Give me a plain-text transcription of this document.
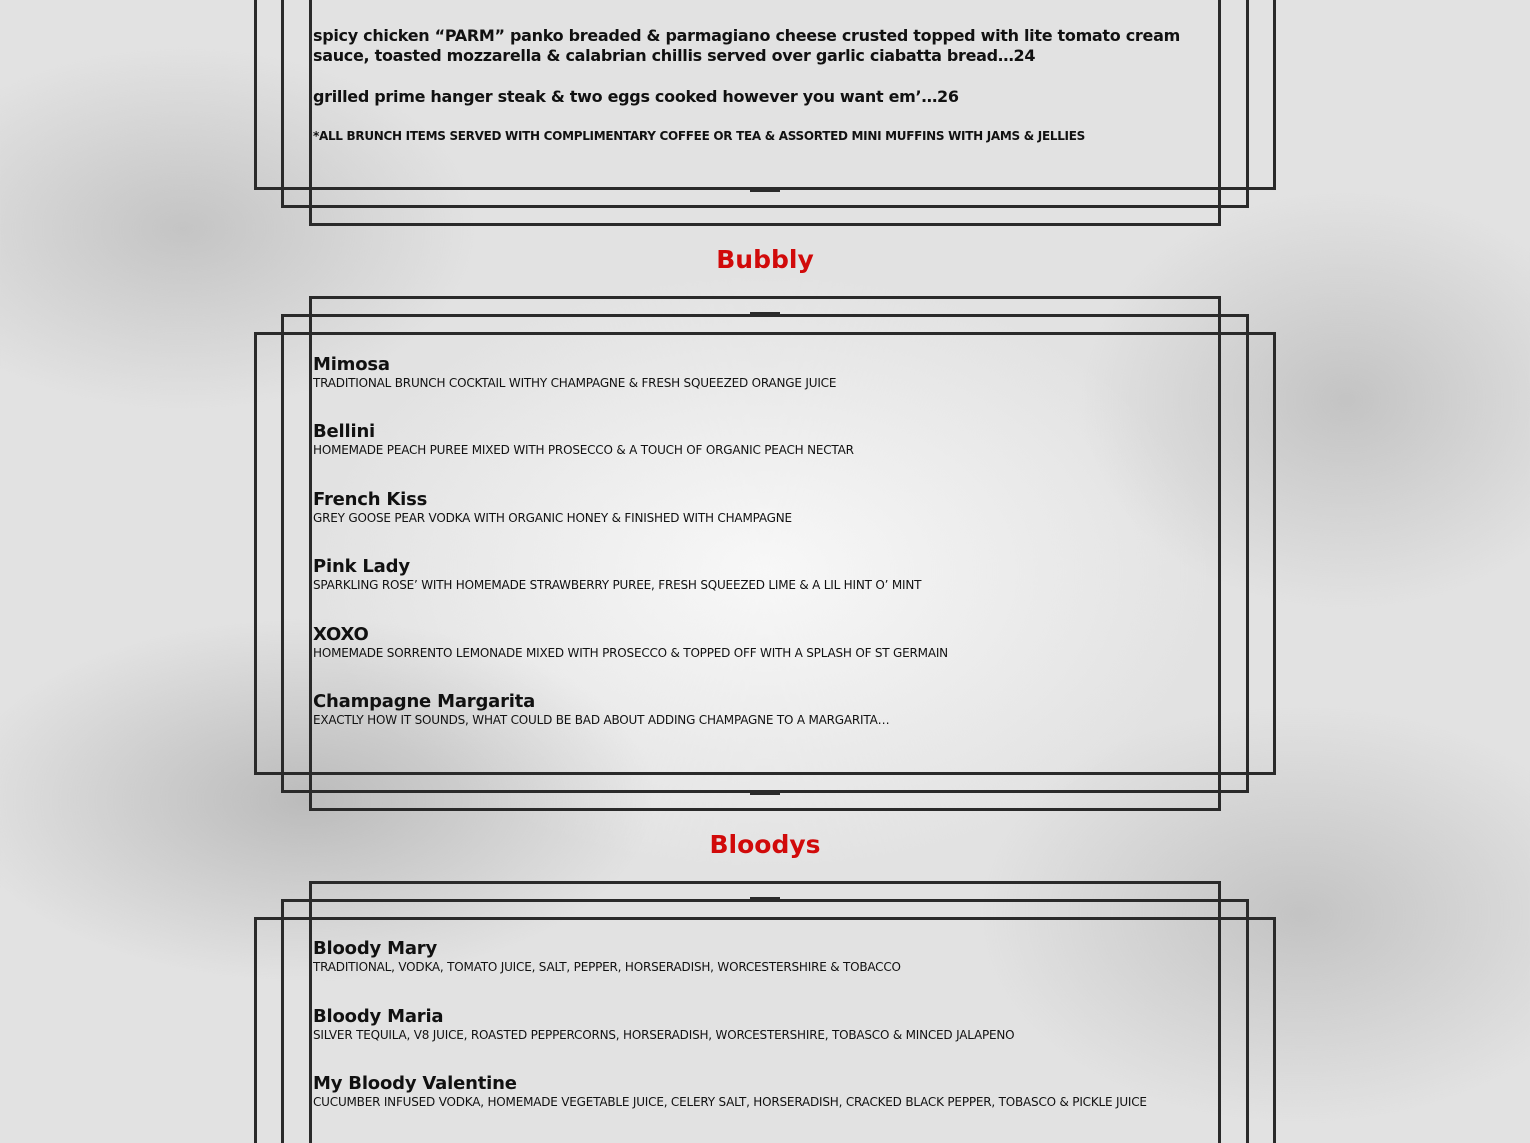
spicy chicken “PARM” panko breaded & parmagiano cheese crusted topped with lite tomato cream sauce, toasted mozzarella & calabrian chillis served over garlic ciabatta bread…24

grilled prime hanger steak & two eggs cooked however you want em’…26

*ALL BRUNCH ITEMS SERVED WITH COMPLIMENTARY COFFEE OR TEA & ASSORTED MINI MUFFINS WITH JAMS & JELLIES

Bubbly

Mimosa

TRADITIONAL BRUNCH COCKTAIL WITHY CHAMPAGNE & FRESH SQUEEZED ORANGE JUICE

Bellini

HOMEMADE PEACH PUREE MIXED WITH PROSECCO & A TOUCH OF ORGANIC PEACH NECTAR

French Kiss

GREY GOOSE PEAR VODKA WITH ORGANIC HONEY & FINISHED WITH CHAMPAGNE

Pink Lady

SPARKLING ROSE’ WITH HOMEMADE STRAWBERRY PUREE, FRESH SQUEEZED LIME & A LIL HINT O’ MINT

XOXO

HOMEMADE SORRENTO LEMONADE MIXED WITH PROSECCO & TOPPED OFF WITH A SPLASH OF ST GERMAIN

Champagne Margarita

EXACTLY HOW IT SOUNDS, WHAT COULD BE BAD ABOUT ADDING CHAMPAGNE TO A MARGARITA…

Bloodys

Bloody Mary

TRADITIONAL, VODKA, TOMATO JUICE, SALT, PEPPER, HORSERADISH, WORCESTERSHIRE & TOBACCO

Bloody Maria

SILVER TEQUILA, V8 JUICE, ROASTED PEPPERCORNS, HORSERADISH, WORCESTERSHIRE, TOBASCO & MINCED JALAPENO

My Bloody Valentine

CUCUMBER INFUSED VODKA, HOMEMADE VEGETABLE JUICE, CELERY SALT, HORSERADISH, CRACKED BLACK PEPPER, TOBASCO & PICKLE JUICE
